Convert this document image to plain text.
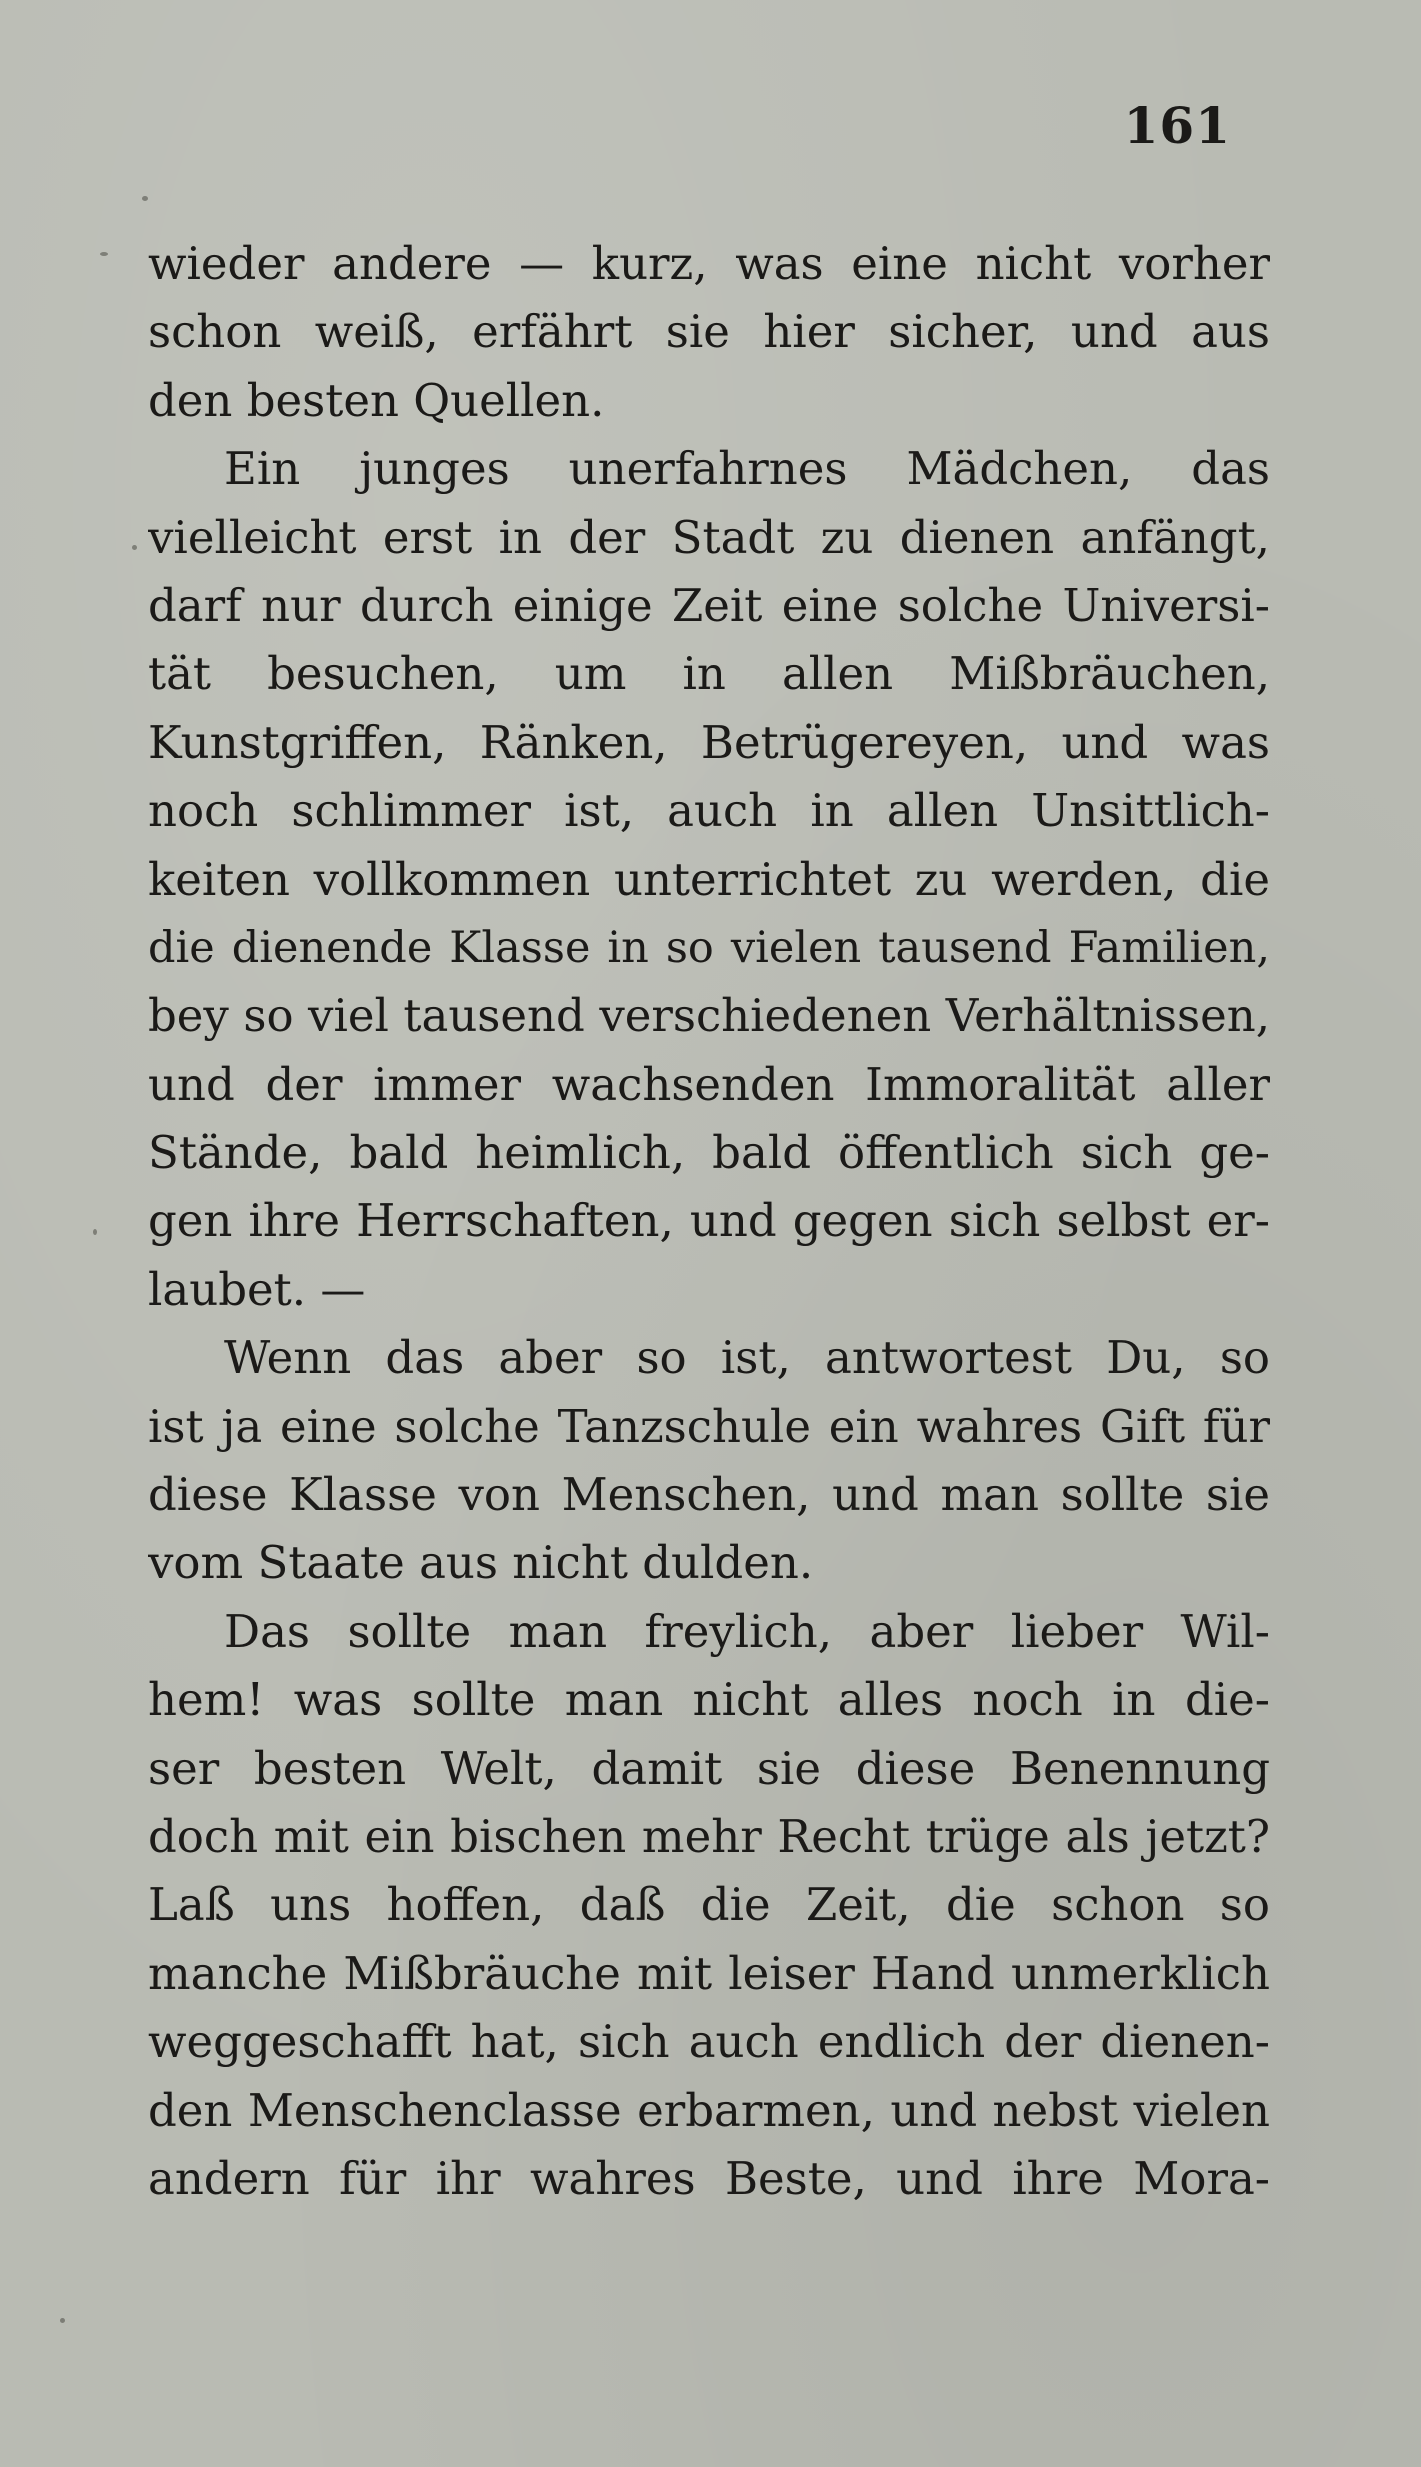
161
wieder andere — kurz, was eine nicht vorher
schon weiß, erfährt sie hier sicher, und aus
den besten Quellen.
Ein junges unerfahrnes Mädchen, das
vielleicht erst in der Stadt zu dienen anfängt,
darf nur durch einige Zeit eine solche Universi-
tät besuchen, um in allen Mißbräuchen,
Kunstgriffen, Ränken, Betrügereyen, und was
noch schlimmer ist, auch in allen Unsittlich-
keiten vollkommen unterrichtet zu werden, die
die dienende Klasse in so vielen tausend Familien,
bey so viel tausend verschiedenen Verhältnissen,
und der immer wachsenden Immoralität aller
Stände, bald heimlich, bald öffentlich sich ge-
gen ihre Herrschaften, und gegen sich selbst er-
laubet. —
Wenn das aber so ist, antwortest Du, so
ist ja eine solche Tanzschule ein wahres Gift für
diese Klasse von Menschen, und man sollte sie
vom Staate aus nicht dulden.
Das sollte man freylich, aber lieber Wil-
hem! was sollte man nicht alles noch in die-
ser besten Welt, damit sie diese Benennung
doch mit ein bischen mehr Recht trüge als jetzt?
Laß uns hoffen, daß die Zeit, die schon so
manche Mißbräuche mit leiser Hand unmerklich
weggeschafft hat, sich auch endlich der dienen-
den Menschenclasse erbarmen, und nebst vielen
andern für ihr wahres Beste, und ihre Mora-
